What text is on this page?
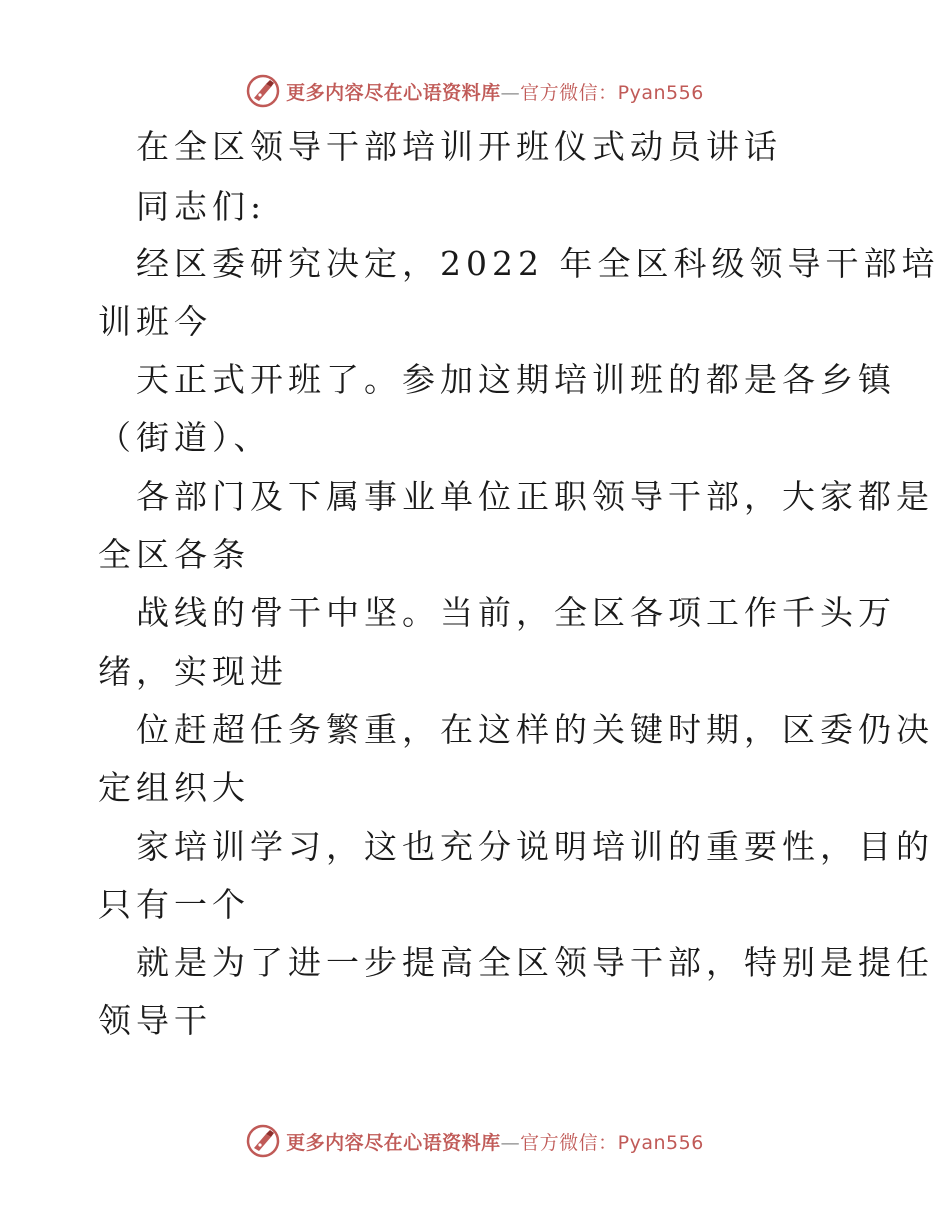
更多内容尽在心语资料库—官方微信：Pyan556
在全区领导干部培训开班仪式动员讲话
同志们:
经区委研究决定，2022 年全区科级领导干部培
训班今
天正式开班了。参加这期培训班的都是各乡镇
（街道）、
各部门及下属事业单位正职领导干部，大家都是
全区各条
战线的骨干中坚。当前，全区各项工作千头万
绪，实现进
位赶超任务繁重，在这样的关键时期，区委仍决
定组织大
家培训学习，这也充分说明培训的重要性，目的
只有一个
就是为了进一步提高全区领导干部，特别是提任
领导干
更多内容尽在心语资料库—官方微信：Pyan556
